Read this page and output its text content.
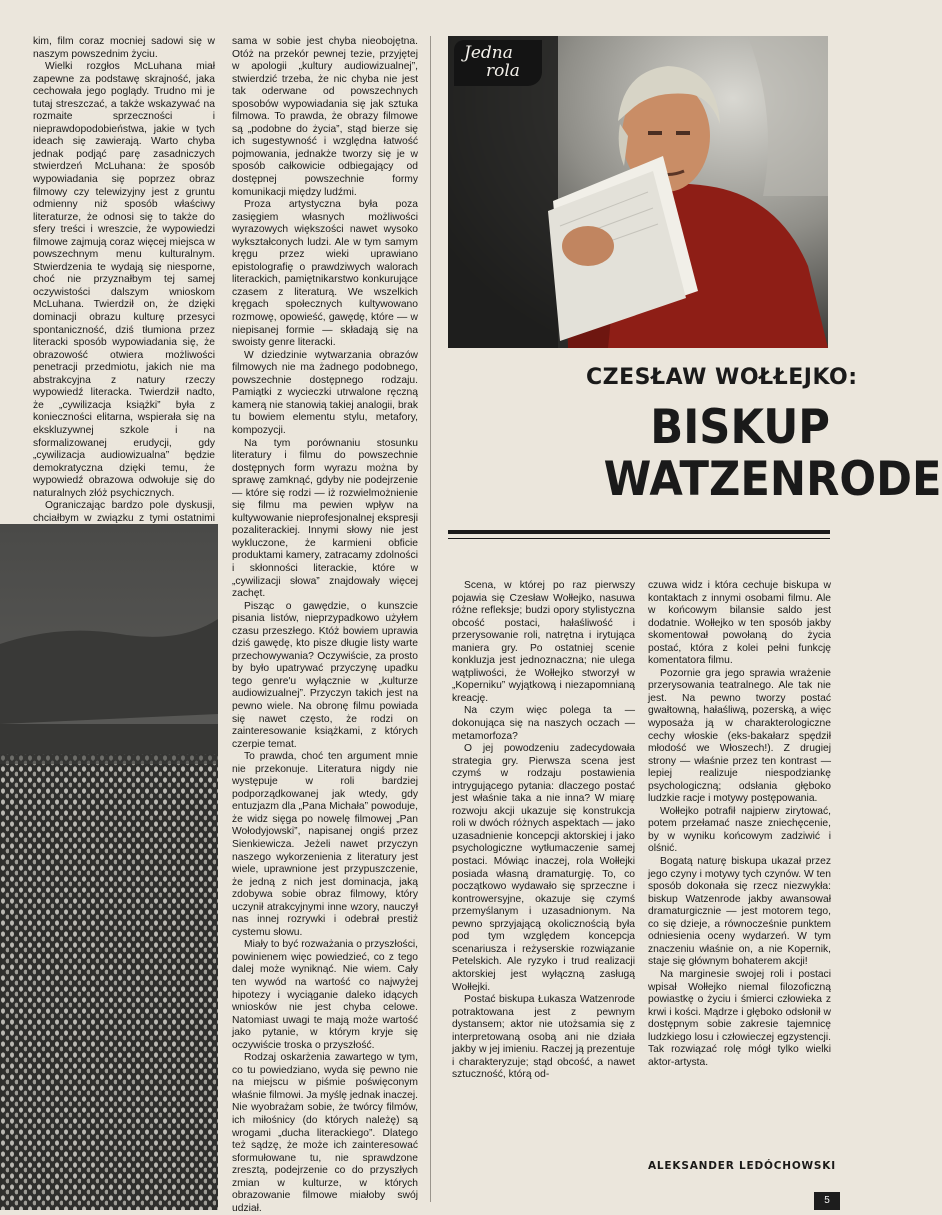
kim, film coraz mocniej sadowi się w naszym powszednim życiu.

Wielki rozgłos McLuhana miał zapewne za podstawę skrajność, jaka cechowała jego poglądy. Trudno mi je tutaj streszczać, a także wskazywać na rozmaite sprzeczności i nieprawdopodobieństwa, jakie w tych ideach się zawierają. Warto chyba jednak podjąć parę zasadniczych stwierdzeń McLuhana: że sposób wypowiadania się poprzez obraz filmowy czy telewizyjny jest z gruntu odmienny niż sposób właściwy literaturze, że odnosi się to także do sfery treści i wreszcie, że wypowiedzi filmowe zajmują coraz więcej miejsca w powszechnym menu kulturalnym. Stwierdzenia te wydają się niesporne, choć nie przyznałbym tej samej oczywistości dalszym wnioskom McLuhana. Twierdził on, że dzięki dominacji obrazu kulturę przesyci spontaniczność, dziś tłumiona przez literacki sposób wypowiadania się, że obrazowość otwiera możliwości penetracji przedmiotu, jakich nie ma abstrakcyjna z natury rzeczy wypowiedź literacka. Twierdził nadto, że „cywilizacja książki” była z konieczności elitarna, wspierała się na ekskluzywnej szkole i na sformalizowanej erudycji, gdy „cywilizacja audiowizualna” będzie demokratyczna dzięki temu, że wypowiedź obrazowa odwołuje się do naturalnych złóż psychicznych.

Ograniczając bardzo pole dyskusji, chciałbym w związku z tymi ostatnimi

sama w sobie jest chyba nieobojętna. Otóż na przekór pewnej tezie, przyjętej w apologii „kultury audiowizualnej”, stwierdzić trzeba, że nic chyba nie jest tak oderwane od powszechnych sposobów wypowiadania się jak sztuka filmowa. To prawda, że obrazy filmowe są „podobne do życia”, stąd bierze się ich sugestywność i względna łatwość pojmowania, jednakże tworzy się je w sposób całkowicie odbiegający od dostępnej powszechnie formy komunikacji między ludźmi.

Proza artystyczna była poza zasięgiem własnych możliwości wyrazowych większości nawet wysoko wykształconych ludzi. Ale w tym samym kręgu przez wieki uprawiano epistolografię o prawdziwych walorach literackich, pamiętnikarstwo konkurujące czasem z literaturą. We wszelkich kręgach społecznych kultywowano rozmowę, opowieść, gawędę, które — w niepisanej formie — składają się na swoisty genre literacki.

W dziedzinie wytwarzania obrazów filmowych nie ma żadnego podobnego, powszechnie dostępnego rodzaju. Pamiątki z wycieczki utrwalone ręczną kamerą nie stanowią takiej analogii, brak tu bowiem elementu stylu, metafory, kompozycji.

Na tym porównaniu stosunku literatury i filmu do powszechnie dostępnych form wyrazu można by sprawę zamknąć, gdyby nie podejrzenie — które się rodzi — iż rozwielmożnienie się filmu ma pewien wpływ na kultywowanie nieprofesjonalnej ekspresji pozaliterackiej. Innymi słowy nie jest wykluczone, że karmieni obficie produktami kamery, zatracamy zdolności i skłonności literackie, które w „cywilizacji słowa” znajdowały więcej zachęt.

Pisząc o gawędzie, o kunszcie pisania listów, nieprzypadkowo użyłem czasu przeszłego. Któż bowiem uprawia dziś gawędę, kto pisze długie listy warte przechowywania? Oczywiście, za prosto by było upatrywać przyczynę upadku tego genre'u wyłącznie w „kulturze audiowizualnej”. Przyczyn takich jest na pewno wiele. Na obronę filmu powiada się nawet często, że rodzi on zainteresowanie książkami, z których czerpie temat.

To prawda, choć ten argument mnie nie przekonuje. Literatura nigdy nie występuje w roli bardziej podporządkowanej jak wtedy, gdy entuzjazm dla „Pana Michała” powoduje, że widz sięga po nowelę filmowej „Pan Wołodyjowski”, napisanej ongiś przez Sienkiewicza. Jeżeli nawet przyczyn naszego wykorzenienia z literatury jest wiele, uprawnione jest przypuszczenie, że jedną z nich jest dominacja, jaką zdobywa sobie obraz filmowy, który uczynił atrakcyjnymi inne wzory, nauczył nas innej rozrywki i odebrał prestiż cystemu słowu.

Miały to być rozważania o przyszłości, powinienem więc powiedzieć, co z tego dalej może wyniknąć. Nie wiem. Cały ten wywód na wartość co najwyżej hipotezy i wyciąganie daleko idących wniosków nie jest chyba celowe. Natomiast uwagi te mają może wartość jako pytanie, w którym kryje się oczywiście troska o przyszłość.

Rodzaj oskarżenia zawartego w tym, co tu powiedziano, wyda się pewno nie na miejscu w piśmie poświęconym właśnie filmowi. Ja myślę jednak inaczej. Nie wyobrażam sobie, że twórcy filmów, ich miłośnicy (do których należę) są wrogami „ducha literackiego”. Dlatego też sądzę, że może ich zainteresować sformułowane tu, nie sprawdzone zresztą, podejrzenie co do przyszłych zmian w kulturze, w których obrazowanie filmowe miałoby swój udział.

Jedna
rola
CZESŁAW WOŁŁEJKO:
BISKUP
WATZENRODE

Scena, w której po raz pierwszy pojawia się Czesław Wołłejko, nasuwa różne refleksje; budzi opory stylistyczna obcość postaci, hałaśliwość i przerysowanie roli, natrętna i irytująca maniera gry. Po ostatniej scenie konkluzja jest jednoznaczna; nie ulega wątpliwości, że Wołłejko stworzył w „Koperniku” wyjątkową i niezapomnianą kreację.

Na czym więc polega ta — dokonująca się na naszych oczach — metamorfoza?

O jej powodzeniu zadecydowała strategia gry. Pierwsza scena jest czymś w rodzaju postawienia intrygującego pytania: dlaczego postać jest właśnie taka a nie inna? W miarę rozwoju akcji ukazuje się konstrukcja roli w dwóch różnych aspektach — jako uzasadnienie koncepcji aktorskiej i jako psychologiczne wytłumaczenie samej postaci. Mówiąc inaczej, rola Wołłejki posiada własną dramaturgię. To, co początkowo wydawało się sprzeczne i kontrowersyjne, okazuje się czymś przemyślanym i uzasadnionym. Na pewno sprzyjającą okolicznością była pod tym względem koncepcja scenariusza i reżyserskie rozwiązanie Petelskich. Ale ryzyko i trud realizacji aktorskiej jest wyłączną zasługą Wołłejki.

Postać biskupa Łukasza Watzenrode potraktowana jest z pewnym dystansem; aktor nie utożsamia się z interpretowaną osobą ani nie działa jakby w jej imieniu. Raczej ją prezentuje i charakteryzuje; stąd obcość, a nawet sztuczność, którą od-

czuwa widz i która cechuje biskupa w kontaktach z innymi osobami filmu. Ale w końcowym bilansie saldo jest dodatnie. Wołłejko w ten sposób jakby skomentował powołaną do życia postać, która z kolei pełni funkcję komentatora filmu.

Pozornie gra jego sprawia wrażenie przerysowania teatralnego. Ale tak nie jest. Na pewno tworzy postać gwałtowną, hałaśliwą, pozerską, a więc wyposaża ją w charakterologiczne cechy włoskie (eks-bakałarz spędził młodość we Włoszech!). Z drugiej strony — właśnie przez ten kontrast — lepiej realizuje niespodziankę psychologiczną; odsłania głęboko ludzkie racje i motywy postępowania.

Wołłejko potrafił najpierw zirytować, potem przełamać nasze zniechęcenie, by w wyniku końcowym zadziwić i olśnić.

Bogatą naturę biskupa ukazał przez jego czyny i motywy tych czynów. W ten sposób dokonała się rzecz niezwykła: biskup Watzenrode jakby awansował dramaturgicznie — jest motorem tego, co się dzieje, a równocześnie punktem odniesienia oceny wydarzeń. W tym znaczeniu właśnie on, a nie Kopernik, staje się głównym bohaterem akcji!

Na marginesie swojej roli i postaci wpisał Wołłejko niemal filozoficzną powiastkę o życiu i śmierci człowieka z krwi i kości. Mądrze i głęboko odsłonił w dostępnym sobie zakresie tajemnicę ludzkiego losu i człowieczej egzystencji. Tak rozwiązać rolę mógł tylko wielki aktor-artysta.

ALEKSANDER LEDÓCHOWSKI
5
